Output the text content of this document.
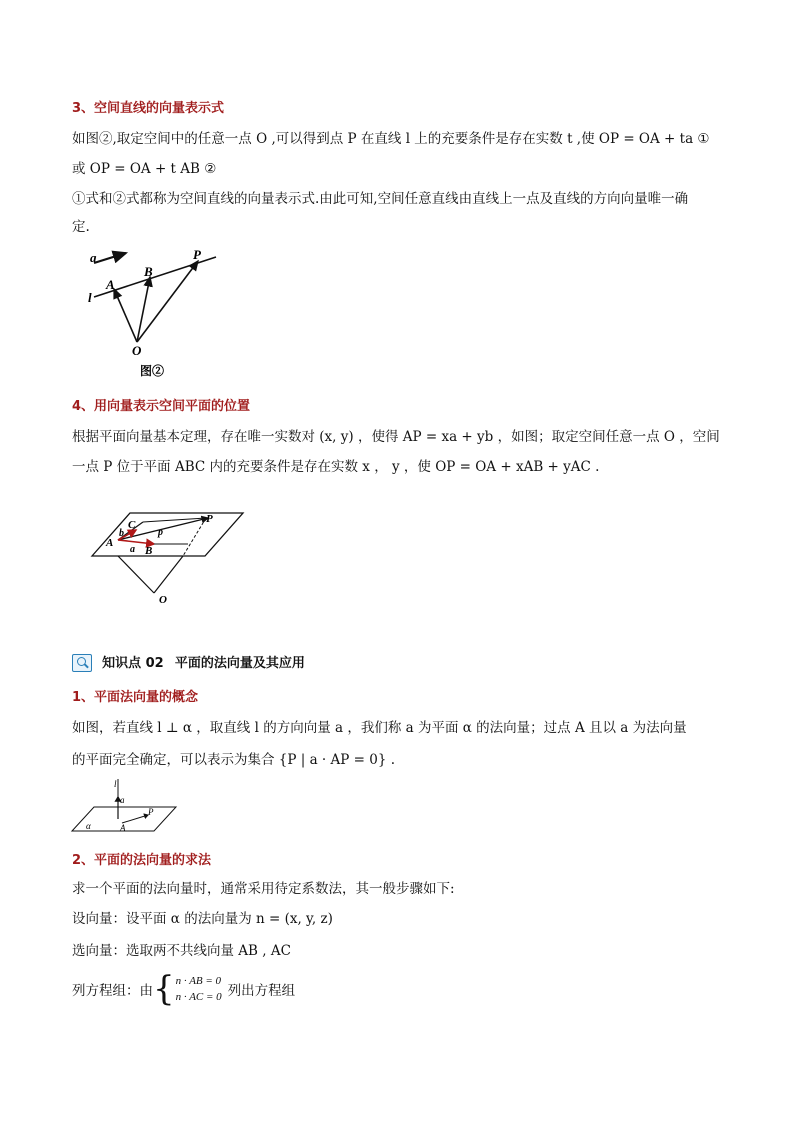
3、空间直线的向量表示式
如图②,取定空间中的任意一点 O ,可以得到点 P 在直线 l 上的充要条件是存在实数 t ,使 OP = OA + ta ①
或 OP = OA + t AB ②
①式和②式都称为空间直线的向量表示式.由此可知,空间任意直线由直线上一点及直线的方向向量唯一确
定.
a
l
A
B
P
O
图②
4、用向量表示空间平面的位置
根据平面向量基本定理，存在唯一实数对 (x, y) ，使得 AP = xa + yb ，如图；取定空间任意一点 O ，空间
一点 P 位于平面 ABC 内的充要条件是存在实数 x ， y ，使 OP = OA + xAB + yAC .
C	P
b	p
A
a B
O
知识点 02 平面的法向量及其应用
1、平面法向量的概念
如图，若直线 l ⊥ α ，取直线 l 的方向向量 a ，我们称 a 为平面 α 的法向量；过点 A 且以 a 为法向量
的平面完全确定，可以表示为集合 {P | a · AP = 0} .
l
a
α	A
P
2、平面的法向量的求法
求一个平面的法向量时，通常采用待定系数法，其一般步骤如下:
设向量：设平面 α 的法向量为 n = (x, y, z)
选向量：选取两不共线向量 AB , AC
列方程组：由 { n · AB = 0
n · AC = 0 列出方程组
